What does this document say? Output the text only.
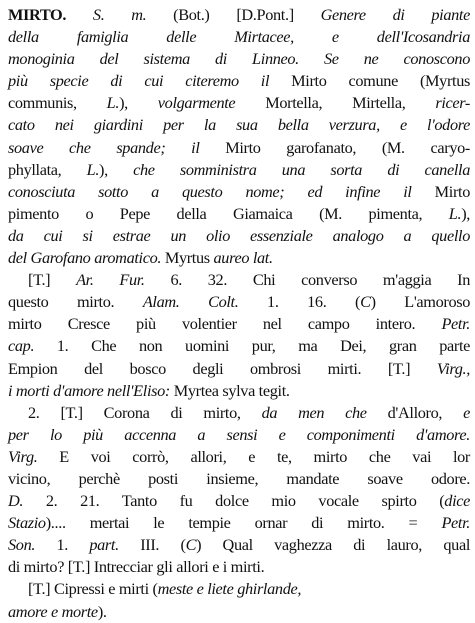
MIRTO. S. m. (Bot.) [D.Pont.] Genere di piante
della famiglia delle Mirtacee, e dell'Icosandria
monoginia del sistema di Linneo. Se ne conoscono
più specie di cui citeremo il Mirto comune (Myrtus
communis, L.), volgarmente Mortella, Mirtella, ricer-
cato nei giardini per la sua bella verzura, e l'odore
soave che spande; il Mirto garofanato, (M. caryo-
phyllata, L.), che somministra una sorta di canella
conosciuta sotto a questo nome; ed infine il Mirto
pimento o Pepe della Giamaica (M. pimenta, L.),
da cui si estrae un olio essenziale analogo a quello
del Garofano aromatico. Myrtus aureo lat.
[T.] Ar. Fur. 6. 32. Chi converso m'aggia In
questo mirto. Alam. Colt. 1. 16. (C) L'amoroso
mirto Cresce più volentier nel campo intero. Petr.
cap. 1. Che non uomini pur, ma Dei, gran parte
Empion del bosco degli ombrosi mirti. [T.] Virg.,
i morti d'amore nell'Eliso: Myrtea sylva tegit.
2. [T.] Corona di mirto, da men che d'Alloro, e
per lo più accenna a sensi e componimenti d'amore.
Virg. E voi corrò, allori, e te, mirto che vai lor
vicino, perchè posti insieme, mandate soave odore.
D. 2. 21. Tanto fu dolce mio vocale spirto (dice
Stazio).... mertai le tempie ornar di mirto. = Petr.
Son. 1. part. III. (C) Qual vaghezza di lauro, qual
di mirto? [T.] Intrecciar gli allori e i mirti.
[T.] Cipressi e mirti (meste e liete ghirlande,
amore e morte).
